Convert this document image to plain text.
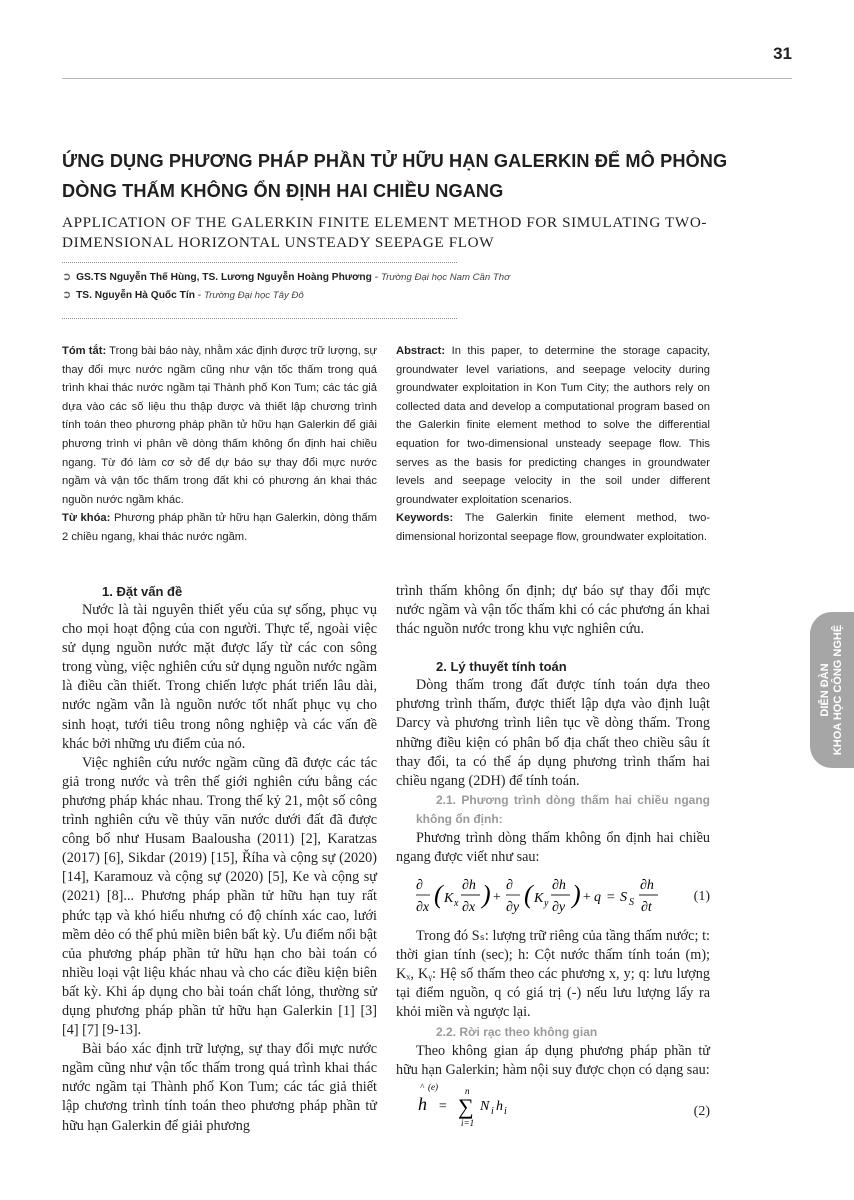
31
ỨNG DỤNG PHƯƠNG PHÁP PHẦN TỬ HỮU HẠN GALERKIN ĐỂ MÔ PHỎNG
DÒNG THẤM KHÔNG ỔN ĐỊNH HAI CHIỀU NGANG
APPLICATION OF THE GALERKIN FINITE ELEMENT METHOD FOR SIMULATING TWO-
DIMENSIONAL HORIZONTAL UNSTEADY SEEPAGE FLOW
➲ GS.TS Nguyễn Thế Hùng, TS. Lương Nguyễn Hoàng Phương - Trường Đại học Nam Cần Thơ
➲ TS. Nguyễn Hà Quốc Tín - Trường Đại học Tây Đô

Tóm tắt: Trong bài báo này, nhằm xác định được trữ lượng, sự thay đổi mực nước ngầm cũng như vận tốc thấm trong quá trình khai thác nước ngầm tại Thành phố Kon Tum; các tác giả dựa vào các số liệu thu thập được và thiết lập chương trình tính toán theo phương pháp phần tử hữu hạn Galerkin để giải phương trình vi phân về dòng thấm không ổn định hai chiều ngang. Từ đó làm cơ sở để dự báo sự thay đổi mực nước ngầm và vận tốc thấm trong đất khi có phương án khai thác nguồn nước ngầm khác.

Từ khóa: Phương pháp phần tử hữu hạn Galerkin, dòng thấm 2 chiều ngang, khai thác nước ngầm.

Abstract: In this paper, to determine the storage capacity, groundwater level variations, and seepage velocity during groundwater exploitation in Kon Tum City; the authors rely on collected data and develop a computational program based on the Galerkin finite element method to solve the differential equation for two-dimensional unsteady seepage flow. This serves as the basis for predicting changes in groundwater levels and seepage velocity in the soil under different groundwater exploitation scenarios.

Keywords: The Galerkin finite element method, two-dimensional horizontal seepage flow, groundwater exploitation.

1. Đặt vấn đề

Nước là tài nguyên thiết yếu của sự sống, phục vụ cho mọi hoạt động của con người. Thực tế, ngoài việc sử dụng nguồn nước mặt được lấy từ các con sông trong vùng, việc nghiên cứu sử dụng nguồn nước ngầm là điều cần thiết. Trong chiến lược phát triển lâu dài, nước ngầm vẫn là nguồn nước tốt nhất phục vụ cho sinh hoạt, tưới tiêu trong nông nghiệp và các vấn đề khác bởi những ưu điểm của nó.

Việc nghiên cứu nước ngầm cũng đã được các tác giả trong nước và trên thế giới nghiên cứu bằng các phương pháp khác nhau. Trong thế kỷ 21, một số công trình nghiên cứu về thủy văn nước dưới đất đã được công bố như Husam Baalousha (2011) [2], Karatzas (2017) [6], Sikdar (2019) [15], Říha và cộng sự (2020) [14], Karamouz và cộng sự (2020) [5], Ke và cộng sự (2021) [8]... Phương pháp phần tử hữu hạn tuy rất phức tạp và khó hiểu nhưng có độ chính xác cao, lưới mềm dẻo có thể phủ miền biên bất kỳ. Ưu điểm nổi bật của phương pháp phần tử hữu hạn cho bài toán có nhiều loại vật liệu khác nhau và cho các điều kiện biên bất kỳ. Khi áp dụng cho bài toán chất lỏng, thường sử dụng phương pháp phần tử hữu hạn Galerkin [1] [3] [4] [7] [9-13].

Bài báo xác định trữ lượng, sự thay đổi mực nước ngầm cũng như vận tốc thấm trong quá trình khai thác nước ngầm tại Thành phố Kon Tum; các tác giả thiết lập chương trình tính toán theo phương pháp phần tử hữu hạn Galerkin để giải phương

trình thấm không ổn định; dự báo sự thay đổi mực nước ngầm và vận tốc thấm khi có các phương án khai thác nguồn nước trong khu vực nghiên cứu.

2. Lý thuyết tính toán

Dòng thấm trong đất được tính toán dựa theo phương trình thấm, được thiết lập dựa vào định luật Darcy và phương trình liên tục về dòng thấm. Trong những điều kiện có phân bố địa chất theo chiều sâu ít thay đổi, ta có thể áp dụng phương trình thấm hai chiều ngang (2DH) để tính toán.

2.1. Phương trình dòng thấm hai chiều ngang không ổn định:

Phương trình dòng thấm không ổn định hai chiều ngang được viết như sau:

∂
∂x ( K x
∂h
∂x ) +
∂
∂y ( K y
∂h
∂y ) + q = S S
∂h
∂t
(1)

Trong đó Sₛ: lượng trữ riêng của tầng thấm nước; t: thời gian tính (sec); h: Cột nước thấm tính toán (m); Kₓ, Kᵧ: Hệ số thấm theo các phương x, y; q: lưu lượng tại điểm nguồn, q có giá trị (-) nếu lưu lượng lấy ra khỏi miền và ngược lại.

2.2. Rời rạc theo không gian

Theo không gian áp dụng phương pháp phần tử hữu hạn Galerkin; hàm nội suy được chọn có dạng sau:

^ (e)
h =
n
∑
i=1
N i h i	(2)
DIỄN ĐÀN KHOA HỌC CÔNG NGHỆ
